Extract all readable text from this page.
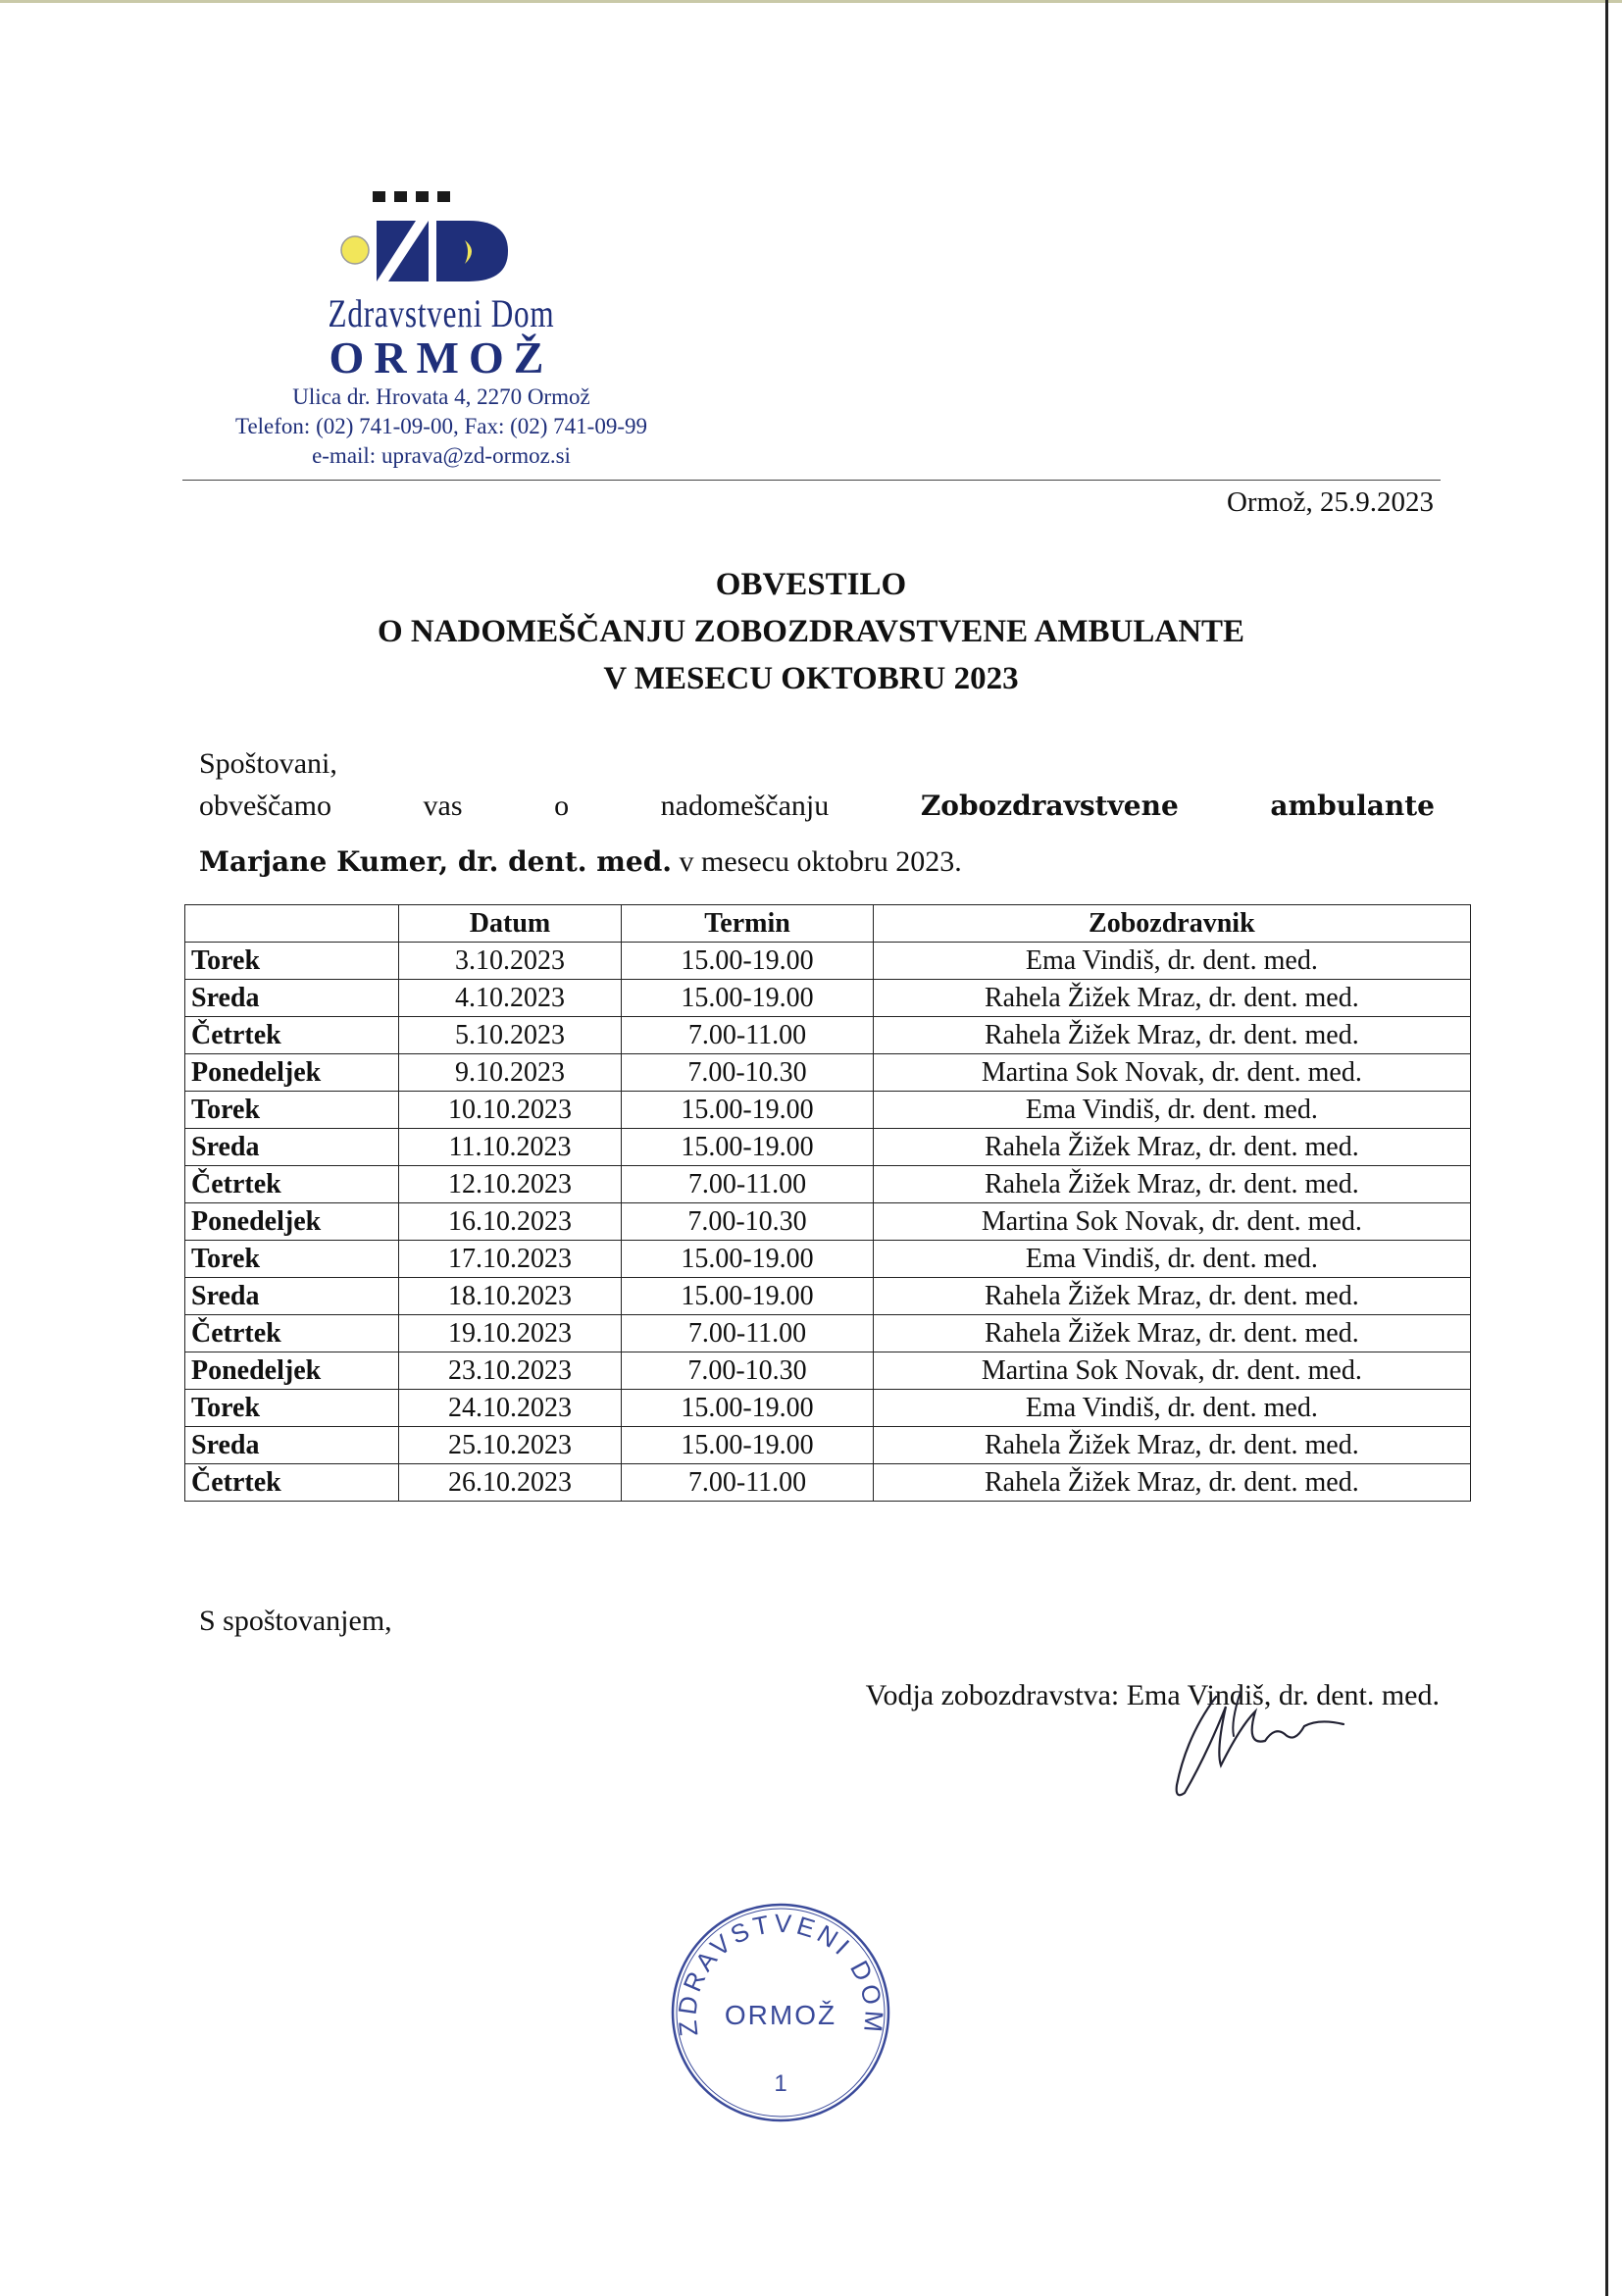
Zdravstveni Dom
ORMOŽ
Ulica dr. Hrovata 4, 2270 Ormož
Telefon: (02) 741-09-00, Fax: (02) 741-09-99
e-mail: uprava@zd-ormoz.si
Ormož, 25.9.2023
OBVESTILO
O NADOMEŠČANJU ZOBOZDRAVSTVENE AMBULANTE
V MESECU OKTOBRU 2023
Spoštovani,
obveščamo	vas	o	nadomeščanju	Zobozdravstvene	ambulante
Marjane Kumer, dr. dent. med. v mesecu oktobru 2023.
	Datum	Termin	Zobozdravnik
Torek	3.10.2023	15.00-19.00	Ema Vindiš, dr. dent. med.
Sreda	4.10.2023	15.00-19.00	Rahela Žižek Mraz, dr. dent. med.
Četrtek	5.10.2023	7.00-11.00	Rahela Žižek Mraz, dr. dent. med.
Ponedeljek	9.10.2023	7.00-10.30	Martina Sok Novak, dr. dent. med.
Torek	10.10.2023	15.00-19.00	Ema Vindiš, dr. dent. med.
Sreda	11.10.2023	15.00-19.00	Rahela Žižek Mraz, dr. dent. med.
Četrtek	12.10.2023	7.00-11.00	Rahela Žižek Mraz, dr. dent. med.
Ponedeljek	16.10.2023	7.00-10.30	Martina Sok Novak, dr. dent. med.
Torek	17.10.2023	15.00-19.00	Ema Vindiš, dr. dent. med.
Sreda	18.10.2023	15.00-19.00	Rahela Žižek Mraz, dr. dent. med.
Četrtek	19.10.2023	7.00-11.00	Rahela Žižek Mraz, dr. dent. med.
Ponedeljek	23.10.2023	7.00-10.30	Martina Sok Novak, dr. dent. med.
Torek	24.10.2023	15.00-19.00	Ema Vindiš, dr. dent. med.
Sreda	25.10.2023	15.00-19.00	Rahela Žižek Mraz, dr. dent. med.
Četrtek	26.10.2023	7.00-11.00	Rahela Žižek Mraz, dr. dent. med.
S spoštovanjem,
Vodja zobozdravstva: Ema Vindiš, dr. dent. med.
ZDRAVSTVENI DOM
ORMOŽ
1
